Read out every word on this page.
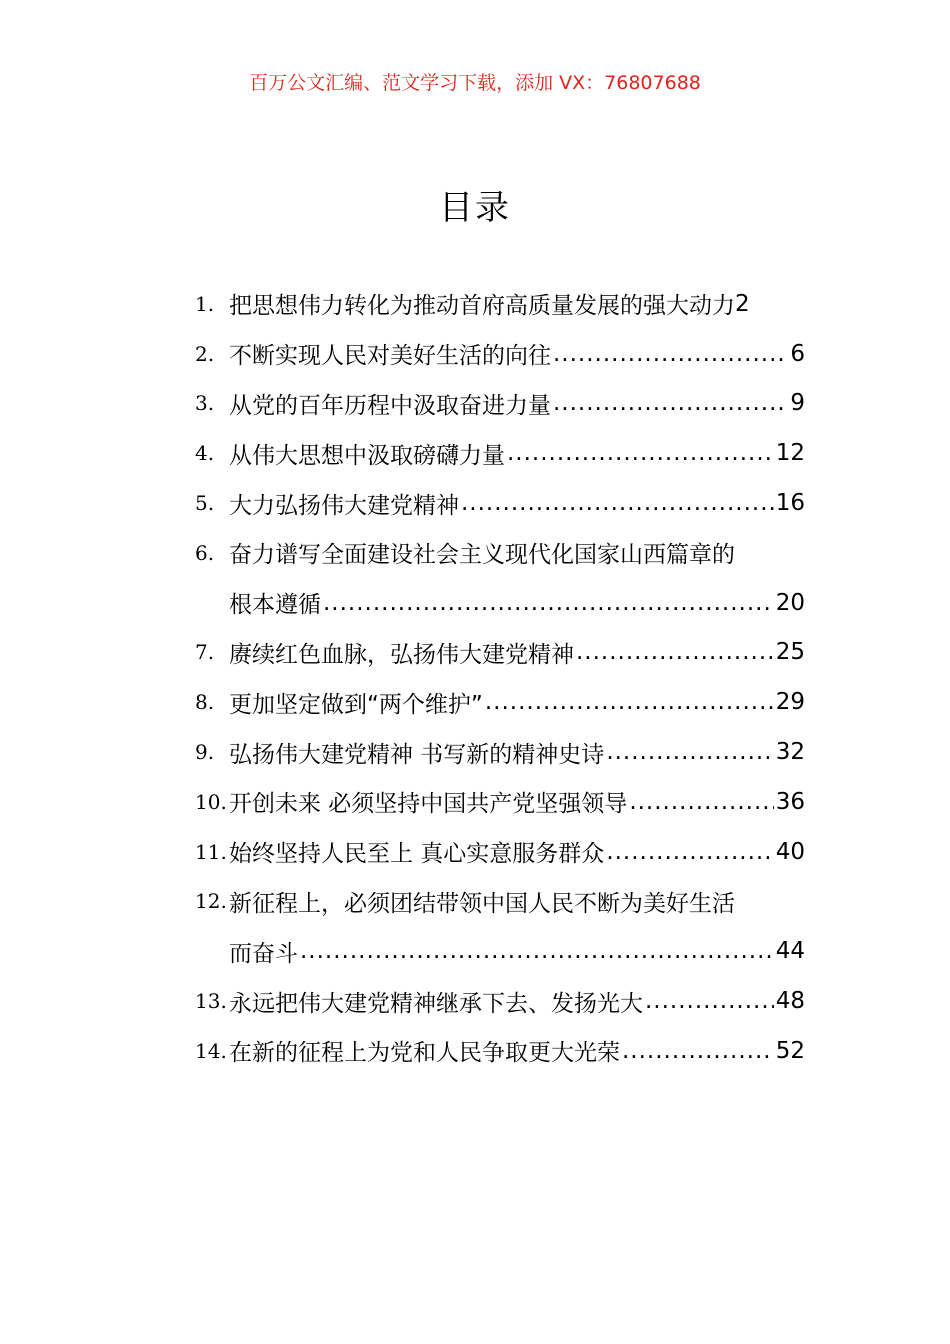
百万公文汇编、范文学习下载，添加 VX：76807688
目录
1. 把思想伟力转化为推动首府高质量发展的强大动力 2
2. 不断实现人民对美好生活的向往 .....	6
3. 从党的百年历程中汲取奋进力量 .....	9
4. 从伟大思想中汲取磅礴力量 .....	12
5. 大力弘扬伟大建党精神 .....	16
6. 奋力谱写全面建设社会主义现代化国家山西篇章的
根本遵循 .....	20
7. 赓续红色血脉，弘扬伟大建党精神 .....	25
8. 更加坚定做到“两个维护” .....	29
9. 弘扬伟大建党精神 书写新的精神史诗 .....	32
10. 开创未来 必须坚持中国共产党坚强领导 .....	36
11. 始终坚持人民至上 真心实意服务群众 .....	40
12. 新征程上，必须团结带领中国人民不断为美好生活
而奋斗 .....	44
13. 永远把伟大建党精神继承下去、发扬光大 .....	48
14. 在新的征程上为党和人民争取更大光荣 .....	52
